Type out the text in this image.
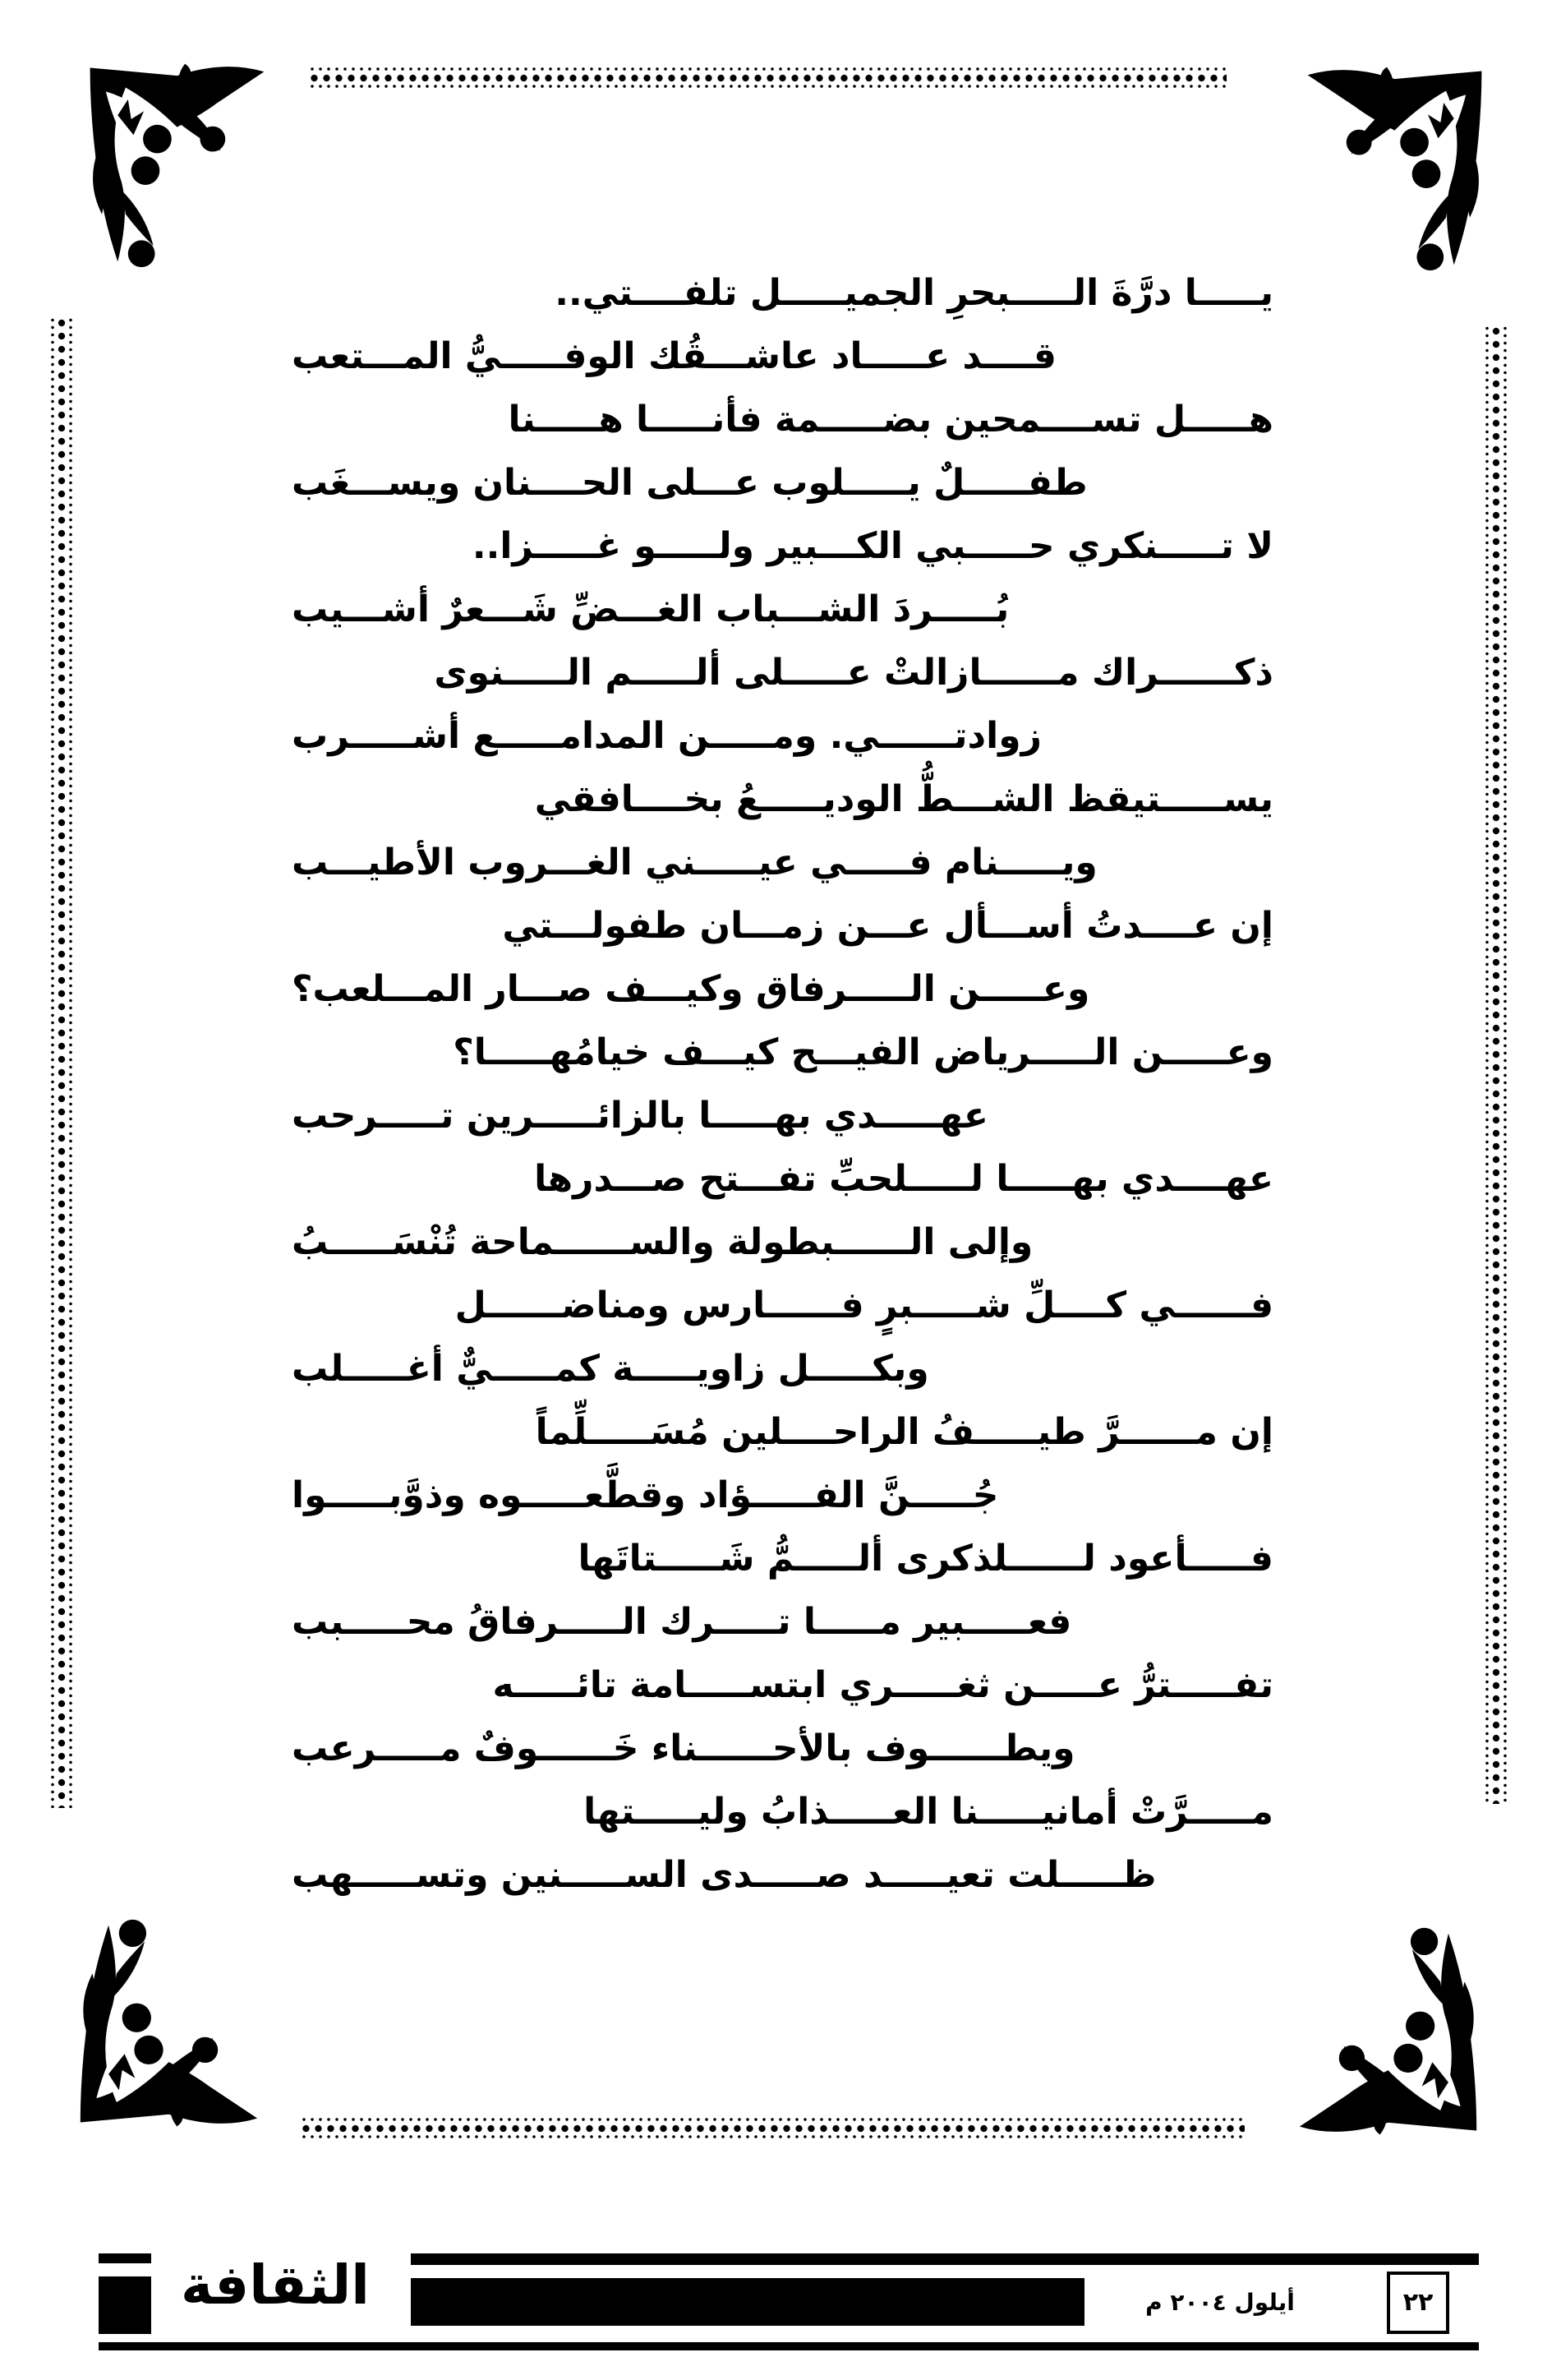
يـــــا درَّةَ الـــــبحرِ الجميـــــل تلفــــتي..
قــــد عـــــاد عاشـــقُك الوفـــــيُّ المـــتعب
هـــــل تســــمحين بضـــــمة فأنـــــا هـــــنا
طفـــــلٌ يـــــلوب عـــلى الحــــنان ويســـغَب
لا تـــــنكري حـــــبي الكـــبير ولـــــو غـــــزا..
بُـــــردَ الشـــباب الغـــضِّ شَـــعرٌ أشـــيب
ذكــــــراك مــــــازالتْ عـــــلى ألـــــم الـــــنوى
زوادتــــــي. ومـــــن المدامـــــع أشـــــرب
يســـــتيقظ الشـــطُّ الوديـــــعُ بخــــافقي
ويـــــنام فـــــي عيـــــني الغـــروب الأطيـــب
إن عــــدتُ أســـأل عـــن زمـــان طفولـــتي
وعـــــن الـــــرفاق وكيـــف صـــار المـــلعب؟
وعـــــن الـــــرياض الفيـــح كيـــف خيامُهـــــا؟
عهـــــدي بهـــــا بالزائـــــرين تـــــرحب
عهــــدي بهـــــا لـــــلحبِّ تفـــتح صـــدرها
وإلى الــــــبطولة والســــــماحة تُنْسَـــــبُ
فــــــي كــــلِّ شـــــبرٍ فــــــارس ومناضــــــل
وبكـــــل زاويـــــة كمـــــيٌّ أغـــــلب
إن مــــــرَّ طيـــــفُ الراحــــلين مُسَـــــلِّماً
جُـــــنَّ الفـــــؤاد وقطَّعـــــوه وذوَّبـــــوا
فـــــأعود لــــــلذكرى ألـــــمُّ شَـــــتاتَها
فعـــــبير مـــــا تـــــرك الـــــرفاقُ محـــــبب
تفـــــترُّ عـــــن ثغـــــري ابتســـــامة تائـــــه
ويطــــــوف بالأحــــــناء خَــــــوفٌ مـــــرعب
مـــــرَّتْ أمانيـــــنا العـــــذابُ وليـــــتها
ظـــــلت تعيـــــد صـــــدى الســـــنين وتســـــهب
الثقافة	أيلول ٢٠٠٤ م	٢٢
